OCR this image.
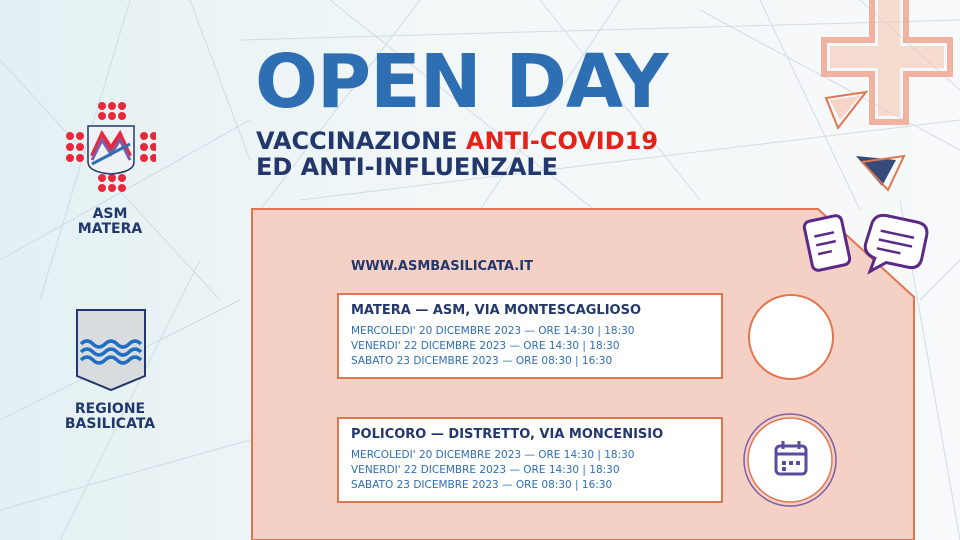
OPEN DAY
VACCINAZIONE ANTI-COVID19
ED ANTI-INFLUENZALE
ASM
MATERA
REGIONE
BASILICATA
WWW.ASMBASILICATA.IT
MATERA — ASM, VIA MONTESCAGLIOSO
MERCOLEDI' 20 DICEMBRE 2023 — ORE 14:30 | 18:30
VENERDI' 22 DICEMBRE 2023 — ORE 14:30 | 18:30
SABATO 23 DICEMBRE 2023 — ORE 08:30 | 16:30
POLICORO — DISTRETTO, VIA MONCENISIO
MERCOLEDI' 20 DICEMBRE 2023 — ORE 14:30 | 18:30
VENERDI' 22 DICEMBRE 2023 — ORE 14:30 | 18:30
SABATO 23 DICEMBRE 2023 — ORE 08:30 | 16:30
